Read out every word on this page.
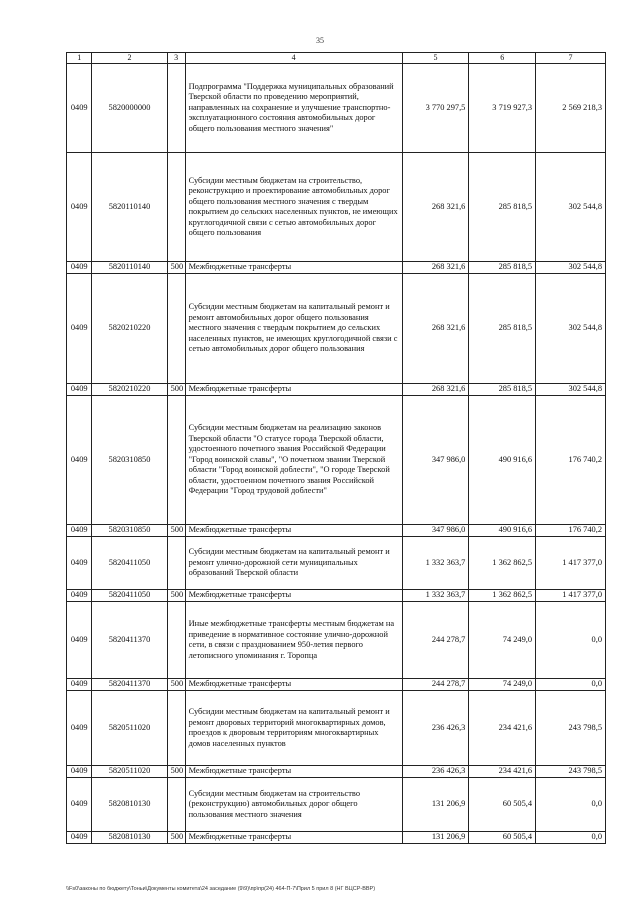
35
1	2	3	4	5	6	7
0409	5820000000		Подпрограмма "Поддержка муниципальных образований Тверской области по проведению мероприятий, направленных на сохранение и улучшение транспортно-эксплуатационного состояния автомобильных дорог общего пользования местного значения"	3 770 297,5	3 719 927,3	2 569 218,3
0409	5820110140		Субсидии местным бюджетам на строительство, реконструкцию и проектирование автомобильных дорог общего пользования местного значения с твердым покрытием до сельских населенных пунктов, не имеющих круглогодичной связи с сетью автомобильных дорог общего пользования	268 321,6	285 818,5	302 544,8
0409	5820110140	500	Межбюджетные трансферты	268 321,6	285 818,5	302 544,8
0409	5820210220		Субсидии местным бюджетам на капитальный ремонт и ремонт автомобильных дорог общего пользования местного значения с твердым покрытием до сельских населенных пунктов, не имеющих круглогодичной связи с сетью автомобильных дорог общего пользования	268 321,6	285 818,5	302 544,8
0409	5820210220	500	Межбюджетные трансферты	268 321,6	285 818,5	302 544,8
0409	5820310850		Субсидии местным бюджетам на реализацию законов Тверской области "О статусе города Тверской области, удостоенного почетного звания Российской Федерации "Город воинской славы", "О почетном звании Тверской области "Город воинской доблести", "О городе Тверской области, удостоенном почетного звания Российской Федерации "Город трудовой доблести"	347 986,0	490 916,6	176 740,2
0409	5820310850	500	Межбюджетные трансферты	347 986,0	490 916,6	176 740,2
0409	5820411050		Субсидии местным бюджетам на капитальный ремонт и ремонт улично-дорожной сети муниципальных образований Тверской области	1 332 363,7	1 362 862,5	1 417 377,0
0409	5820411050	500	Межбюджетные трансферты	1 332 363,7	1 362 862,5	1 417 377,0
0409	5820411370		Иные межбюджетные трансферты местным бюджетам на приведение в нормативное состояние улично-дорожной сети, в связи с празднованием 950-летия первого летописного упоминания г. Торопца	244 278,7	74 249,0	0,0
0409	5820411370	500	Межбюджетные трансферты	244 278,7	74 249,0	0,0
0409	5820511020		Субсидии местным бюджетам на капитальный ремонт и ремонт дворовых территорий многоквартирных домов, проездов к дворовым территориям многоквартирных домов населенных пунктов	236 426,3	234 421,6	243 798,5
0409	5820511020	500	Межбюджетные трансферты	236 426,3	234 421,6	243 798,5
0409	5820810130		Субсидии местным бюджетам на строительство (реконструкцию) автомобильных дорог общего пользования местного значения	131 206,9	60 505,4	0,0
0409	5820810130	500	Межбюджетные трансферты	131 206,9	60 505,4	0,0
\\Fs0\законы по бюджету\Тоньи\Документы комитета\24 заседание (9\9)\пр\пр(24) 464-П-7\Прил 5 прил 8 (НГ ВЦСР-ВВР)
